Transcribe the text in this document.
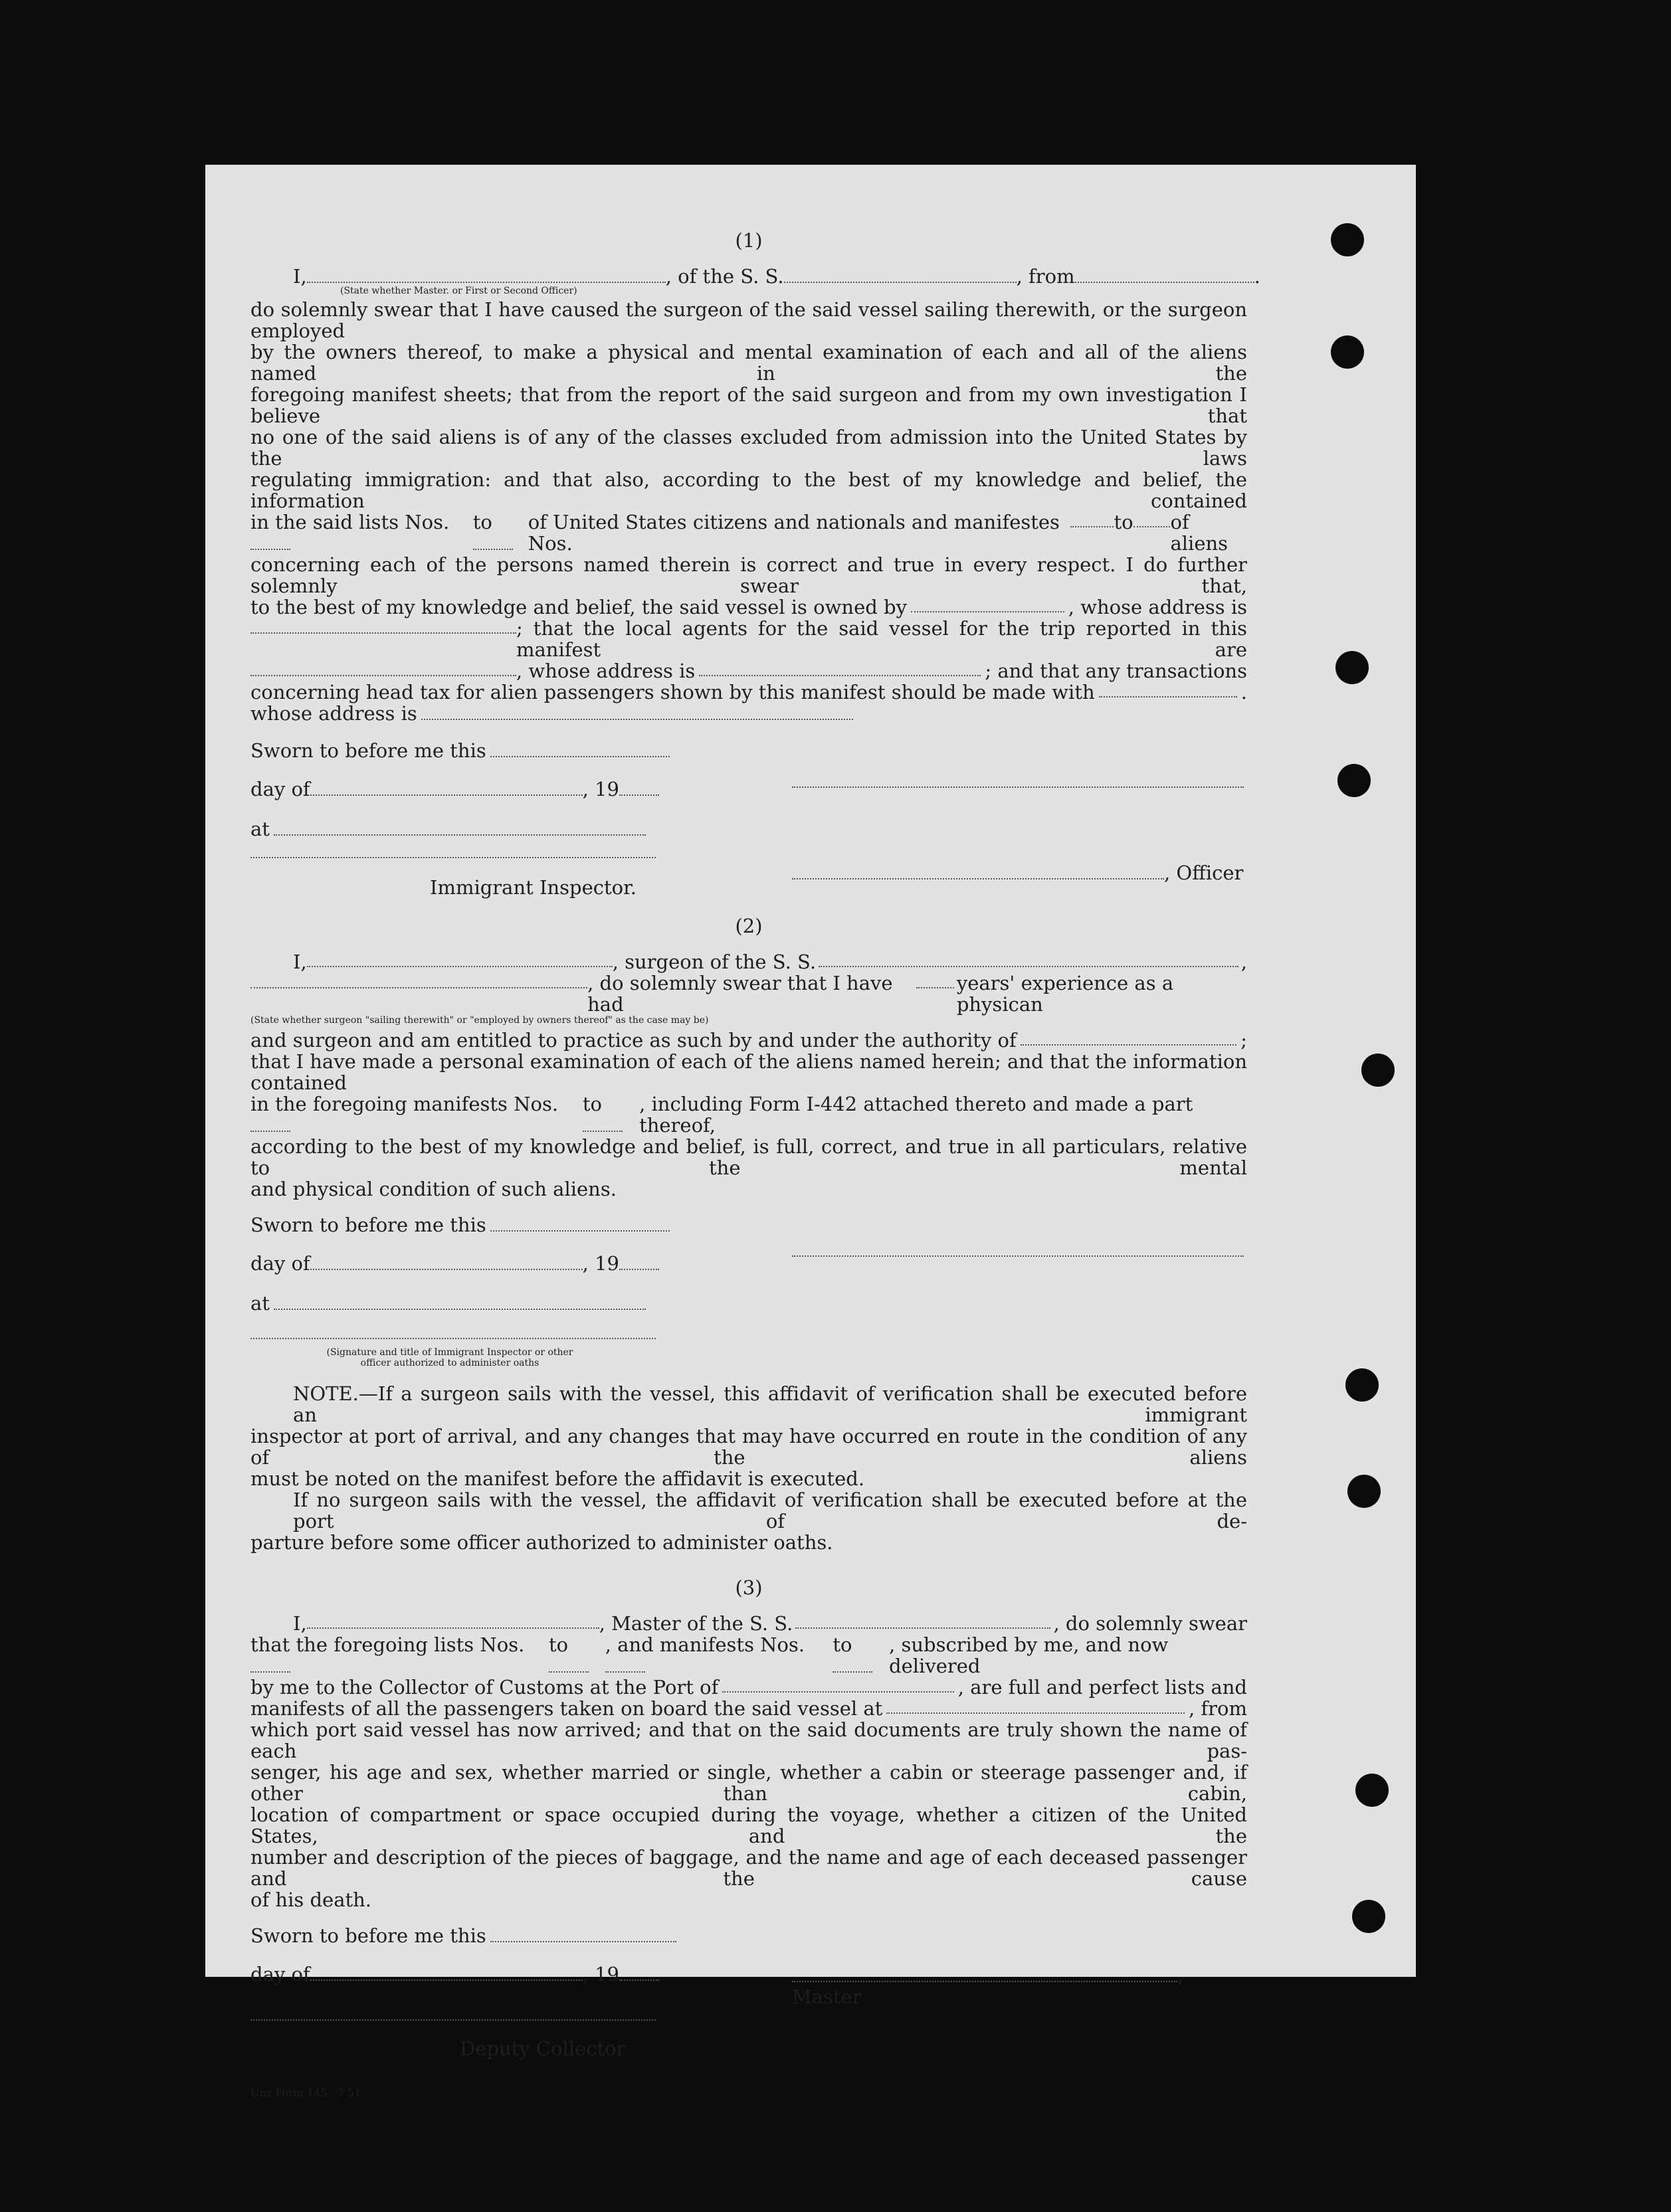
(1)
I,	, of the S. S.	, from	.
(State whether Master. or First or Second Officer)
do solemnly swear that I have caused the surgeon of the said vessel sailing therewith, or the surgeon employed
by the owners thereof, to make a physical and mental examination of each and all of the aliens named in the
foregoing manifest sheets; that from the report of the said surgeon and from my own investigation I believe that
no one of the said aliens is of any of the classes excluded from admission into the United States by the laws
regulating immigration: and that also, according to the best of my knowledge and belief, the information contained
in the said lists Nos.	to	of United States citizens and nationals and manifestes Nos.
to of aliens
concerning each of the persons named therein is correct and true in every respect. I do further solemnly swear that,
to the best of my knowledge and belief, the said vessel is owned by	, whose address is
; that the local agents for the said vessel for the trip reported in this manifest are
, whose address is	; and that any transactions
concerning head tax for alien passengers shown by this manifest should be made with	.
whose address is
Sworn to before me this
day of	, 19
at
Immigrant Inspector.
, Officer
(2)
I,	, surgeon of the S. S.	,
, do solemnly swear that I have had
years' experience as a physican
(State whether surgeon "sailing therewith" or "employed by owners thereof" as the case may be)
and surgeon and am entitled to practice as such by and under the authority of	;
that I have made a personal examination of each of the aliens named herein; and that the information contained
in the foregoing manifests Nos.	to	, including Form I-442 attached thereto and made a part thereof,
according to the best of my knowledge and belief, is full, correct, and true in all particulars, relative to the mental
and physical condition of such aliens.
Sworn to before me this
day of	, 19
at
(Signature and title of Immigrant Inspector or other
officer authorized to administer oaths
NOTE.—If a surgeon sails with the vessel, this affidavit of verification shall be executed before an immigrant
inspector at port of arrival, and any changes that may have occurred en route in the condition of any of the aliens
must be noted on the manifest before the affidavit is executed.
If no surgeon sails with the vessel, the affidavit of verification shall be executed before at the port of de-
parture before some officer authorized to administer oaths.
(3)
I,	, Master of the S. S.	, do solemnly swear
that the foregoing lists Nos.	to	, and manifests Nos.	to	, subscribed by me, and now delivered
by me to the Collector of Customs at the Port of	, are full and perfect lists and
manifests of all the passengers taken on board the said vessel at	, from
which port said vessel has now arrived; and that on the said documents are truly shown the name of each pas-
senger, his age and sex, whether married or single, whether a cabin or steerage passenger and, if other than cabin,
location of compartment or space occupied during the voyage, whether a citizen of the United States, and the
number and description of the pieces of baggage, and the name and age of each deceased passenger and the cause
of his death.
Sworn to before me this
day of	, 19	, Master
Deputy Collector
Unz Form 145   7 51
